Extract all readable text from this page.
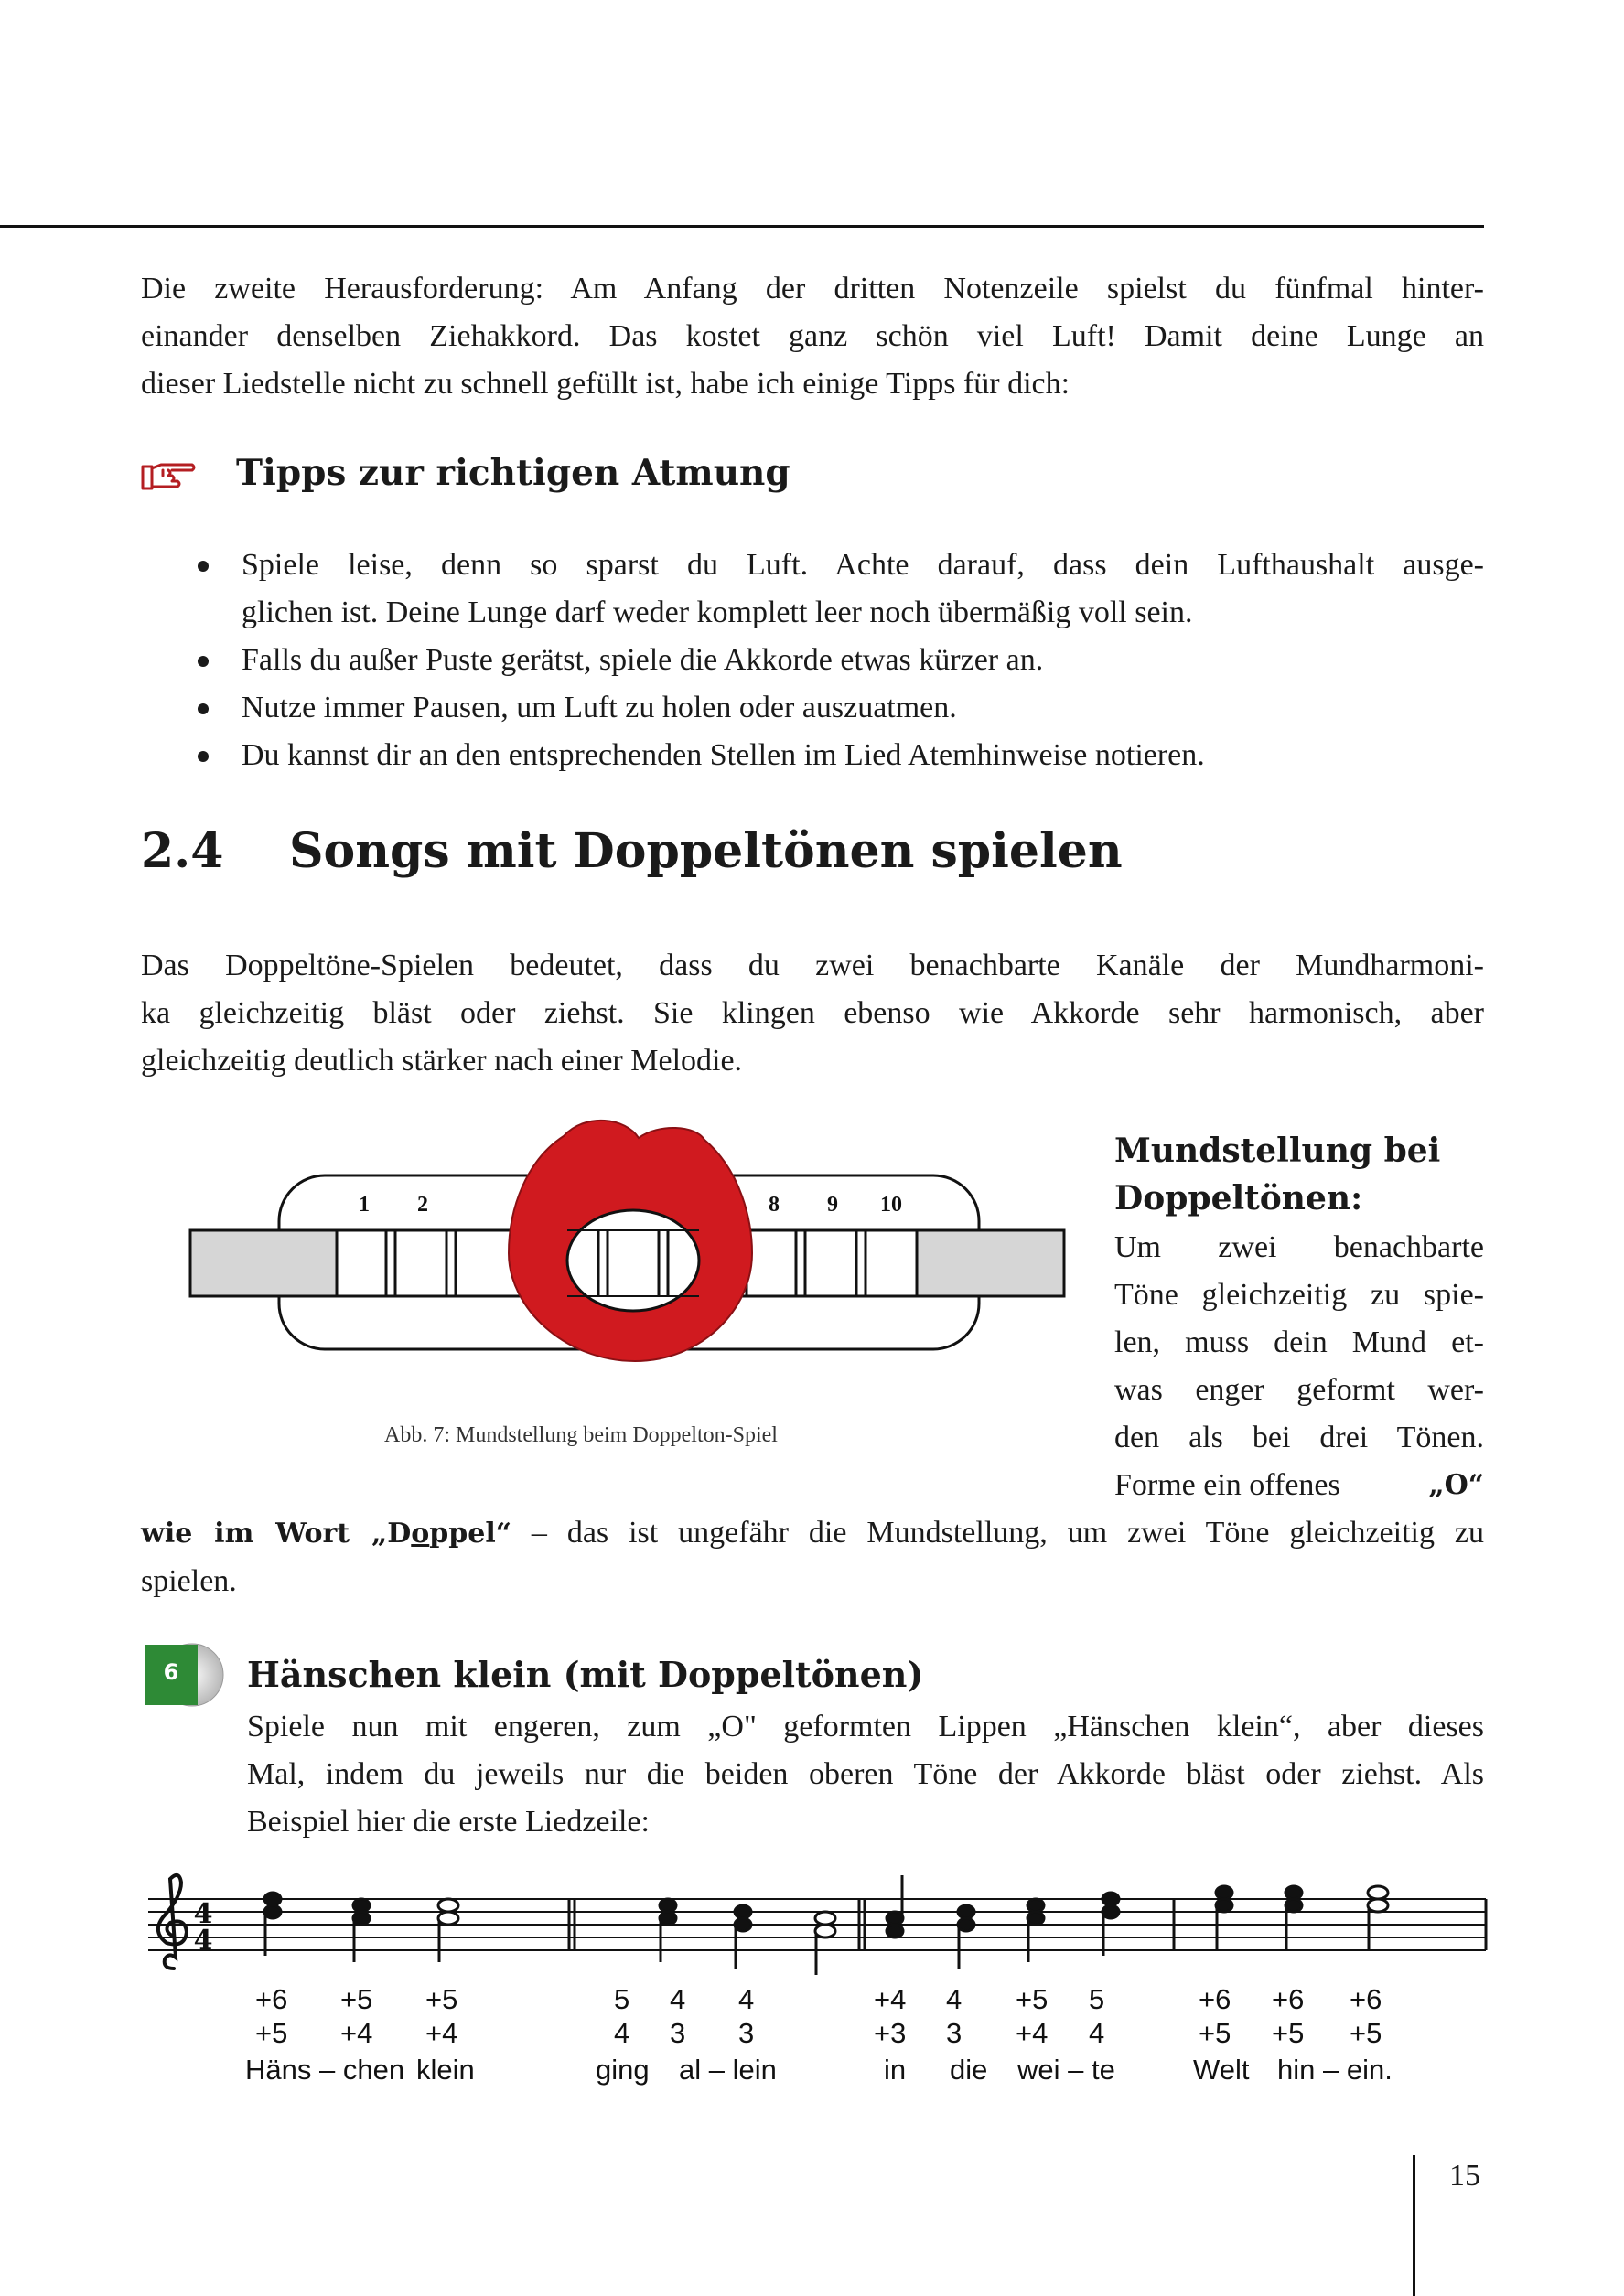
Die zweite Herausforderung: Am Anfang der dritten Notenzeile spielst du fünfmal hinter-
einander denselben Ziehakkord. Das kostet ganz schön viel Luft! Damit deine Lunge an
dieser Liedstelle nicht zu schnell gefüllt ist, habe ich einige Tipps für dich:
Tipps zur richtigen Atmung
Spiele leise, denn so sparst du Luft. Achte darauf, dass dein Lufthaushalt ausge-
glichen ist. Deine Lunge darf weder komplett leer noch übermäßig voll sein.
Falls du außer Puste gerätst, spiele die Akkorde etwas kürzer an.
Nutze immer Pausen, um Luft zu holen oder auszuatmen.
Du kannst dir an den entsprechenden Stellen im Lied Atemhinweise notieren.
2.4 Songs mit Doppeltönen spielen
Das Doppeltöne-Spielen bedeutet, dass du zwei benachbarte Kanäle der Mundharmoni-
ka gleichzeitig bläst oder ziehst. Sie klingen ebenso wie Akkorde sehr harmonisch, aber
gleichzeitig deutlich stärker nach einer Melodie.
1 2	8 9 10
Abb. 7: Mundstellung beim Doppelton-Spiel
Mundstellung bei
Doppeltönen:
Um zwei benachbarte
Töne gleichzeitig zu spie-
len, muss dein Mund et-
was enger geformt wer-
den als bei drei Tönen.
Forme ein offenes	„O“
wie im Wort „Doppel“ – das ist ungefähr die Mundstellung, um zwei Töne gleichzeitig zu
spielen.
6	Hänschen klein (mit Doppeltönen)
Spiele nun mit engeren, zum „O" geformten Lippen „Hänschen klein“, aber dieses
Mal, indem du jeweils nur die beiden oberen Töne der Akkorde bläst oder ziehst. Als
Beispiel hier die erste Liedzeile:
4
4
+6 +5 +5	5 4 4	+4 4 +5 5	+6 +6 +6
+5 +4 +4	4 3 3	+3 3 +4 4	+5 +5 +5
Häns – chen klein	ging al – lein	in die wei – te	Welt hin – ein.
15
